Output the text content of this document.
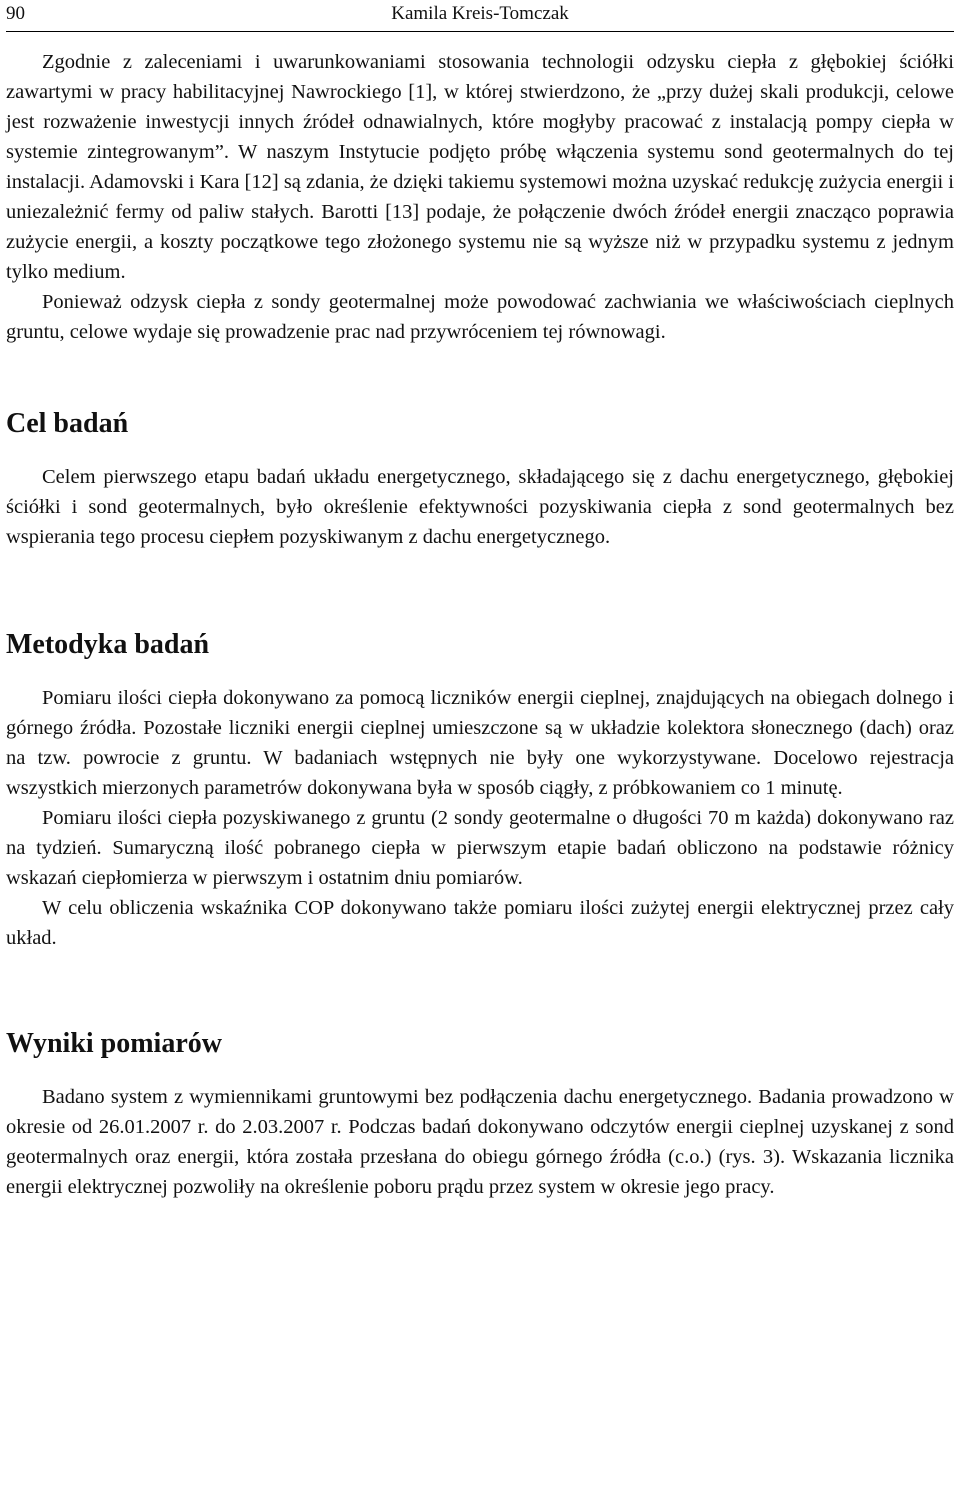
90	Kamila Kreis-Tomczak

Zgodnie z zaleceniami i uwarunkowaniami stosowania technologii odzysku ciepła z głębokiej ściółki zawartymi w pracy habilitacyjnej Nawrockiego [1], w której stwierdzono, że „przy dużej skali produkcji, celowe jest rozważenie inwestycji innych źródeł odnawialnych, które mogłyby pracować z instalacją pompy ciepła w systemie zintegrowanym”. W naszym Instytucie podjęto próbę włączenia systemu sond geotermalnych do tej instalacji. Adamovski i Kara [12] są zdania, że dzięki takiemu systemowi można uzyskać redukcję zużycia energii i uniezależnić fermy od paliw stałych. Barotti [13] podaje, że połączenie dwóch źródeł energii znacząco poprawia zużycie energii, a koszty początkowe tego złożonego systemu nie są wyższe niż w przypadku systemu z jednym tylko medium.

Ponieważ odzysk ciepła z sondy geotermalnej może powodować zachwiania we właściwościach cieplnych gruntu, celowe wydaje się prowadzenie prac nad przywróceniem tej równowagi.

Cel badań

Celem pierwszego etapu badań układu energetycznego, składającego się z dachu energetycznego, głębokiej ściółki i sond geotermalnych, było określenie efektywności pozyskiwania ciepła z sond geotermalnych bez wspierania tego procesu ciepłem pozyskiwanym z dachu energetycznego.

Metodyka badań

Pomiaru ilości ciepła dokonywano za pomocą liczników energii cieplnej, znajdujących na obiegach dolnego i górnego źródła. Pozostałe liczniki energii cieplnej umieszczone są w układzie kolektora słonecznego (dach) oraz na tzw. powrocie z gruntu. W badaniach wstępnych nie były one wykorzystywane. Docelowo rejestracja wszystkich mierzonych parametrów dokonywana była w sposób ciągły, z próbkowaniem co 1 minutę.

Pomiaru ilości ciepła pozyskiwanego z gruntu (2 sondy geotermalne o długości 70 m każda) dokonywano raz na tydzień. Sumaryczną ilość pobranego ciepła w pierwszym etapie badań obliczono na podstawie różnicy wskazań ciepłomierza w pierwszym i ostatnim dniu pomiarów.

W celu obliczenia wskaźnika COP dokonywano także pomiaru ilości zużytej energii elektrycznej przez cały układ.

Wyniki pomiarów

Badano system z wymiennikami gruntowymi bez podłączenia dachu energetycznego. Badania prowadzono w okresie od 26.01.2007 r. do 2.03.2007 r. Podczas badań dokonywano odczytów energii cieplnej uzyskanej z sond geotermalnych oraz energii, która została przesłana do obiegu górnego źródła (c.o.) (rys. 3). Wskazania licznika energii elektrycznej pozwoliły na określenie poboru prądu przez system w okresie jego pracy.
